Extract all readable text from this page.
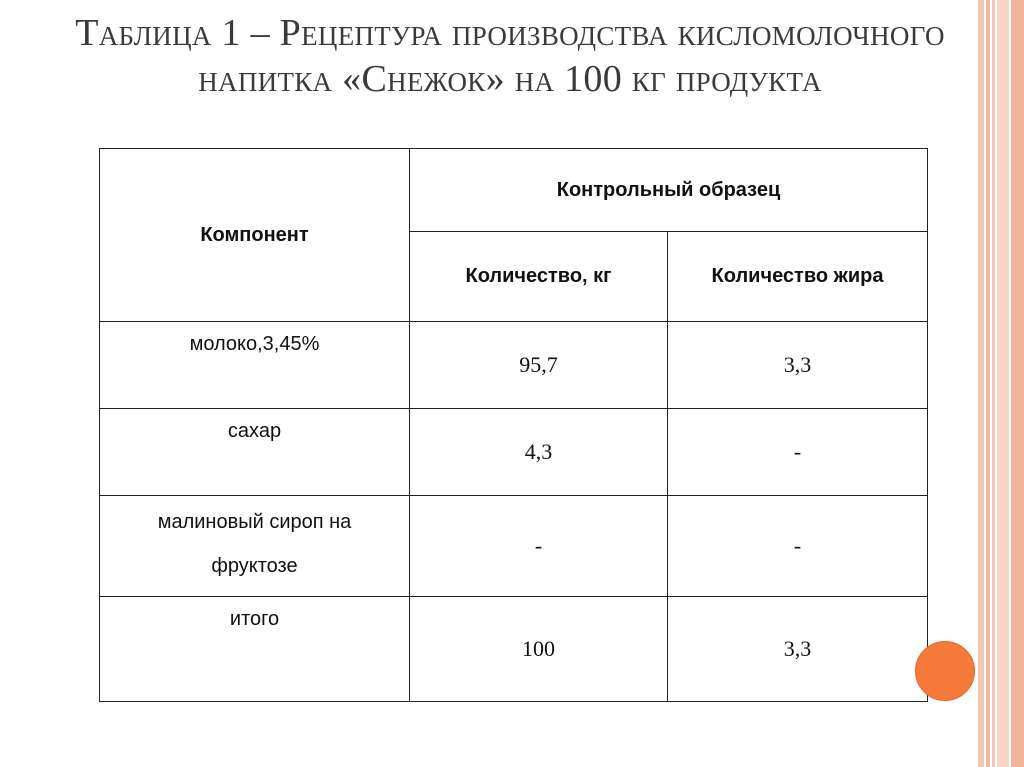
Таблица 1 – Рецептура производства кисломолочного
напитка «Снежок» на 100 кг продукта
Компонент	Контрольный образец	
	Количество, кг	Количество жира
молоко,3,45%	95,7	3,3
сахар	4,3	-
малиновый сироп на
фруктозе	-	-
итого	100	3,3
